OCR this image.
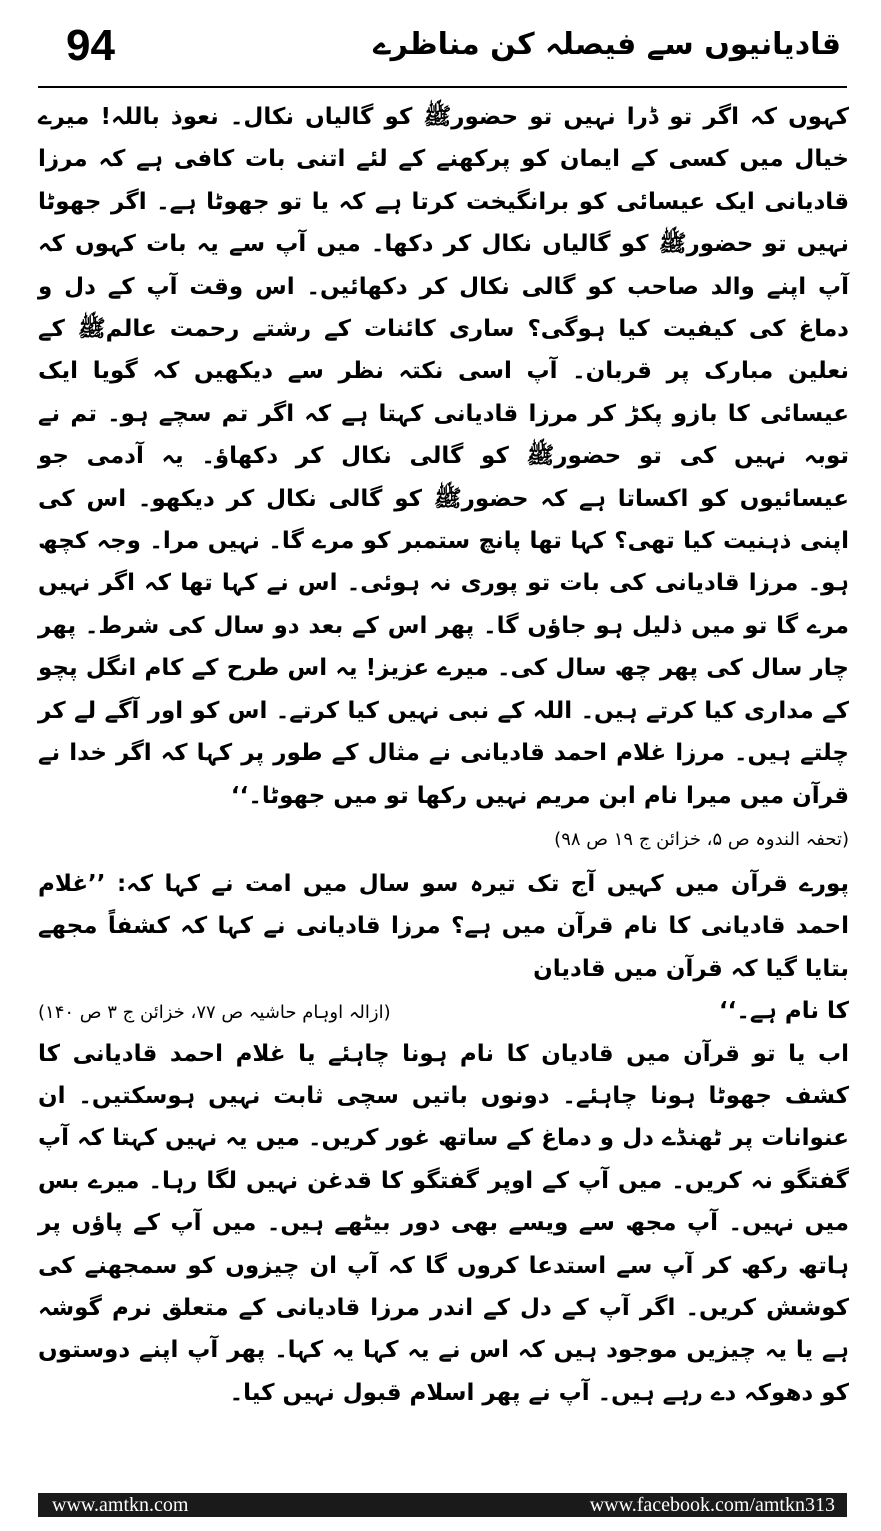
94	قادیانیوں سے فیصلہ کن مناظرے

کہوں کہ اگر تو ڈرا نہیں تو حضورﷺ کو گالیاں نکال۔ نعوذ باللہ! میرے خیال میں کسی کے ایمان کو پرکھنے کے لئے اتنی بات کافی ہے کہ مرزا قادیانی ایک عیسائی کو برانگیخت کرتا ہے کہ یا تو جھوٹا ہے۔ اگر جھوٹا نہیں تو حضورﷺ کو گالیاں نکال کر دکھا۔ میں آپ سے یہ بات کہوں کہ آپ اپنے والد صاحب کو گالی نکال کر دکھائیں۔ اس وقت آپ کے دل و دماغ کی کیفیت کیا ہوگی؟ ساری کائنات کے رشتے رحمت عالمﷺ کے نعلین مبارک پر قربان۔ آپ اسی نکتہ نظر سے دیکھیں کہ گویا ایک عیسائی کا بازو پکڑ کر مرزا قادیانی کہتا ہے کہ اگر تم سچے ہو۔ تم نے توبہ نہیں کی تو حضورﷺ کو گالی نکال کر دکھاؤ۔ یہ آدمی جو عیسائیوں کو اکساتا ہے کہ حضورﷺ کو گالی نکال کر دیکھو۔ اس کی اپنی ذہنیت کیا تھی؟ کہا تھا پانچ ستمبر کو مرے گا۔ نہیں مرا۔ وجہ کچھ ہو۔ مرزا قادیانی کی بات تو پوری نہ ہوئی۔ اس نے کہا تھا کہ اگر نہیں مرے گا تو میں ذلیل ہو جاؤں گا۔ پھر اس کے بعد دو سال کی شرط۔ پھر چار سال کی پھر چھ سال کی۔ میرے عزیز! یہ اس طرح کے کام انگل پچو کے مداری کیا کرتے ہیں۔ اللہ کے نبی نہیں کیا کرتے۔ اس کو اور آگے لے کر چلتے ہیں۔ مرزا غلام احمد قادیانی نے مثال کے طور پر کہا کہ اگر خدا نے قرآن میں میرا نام ابن مریم نہیں رکھا تو میں جھوٹا۔‘‘

(تحفہ الندوہ ص ۵، خزائن ج ۱۹ ص ۹۸)

پورے قرآن میں کہیں آج تک تیرہ سو سال میں امت نے کہا کہ: ’’غلام احمد قادیانی کا نام قرآن میں ہے؟ مرزا قادیانی نے کہا کہ کشفاً مجھے بتایا گیا کہ قرآن میں قادیان

کا نام ہے۔‘‘
(ازالہ اوہام حاشیہ ص ۷۷، خزائن ج ۳ ص ۱۴۰)

اب یا تو قرآن میں قادیان کا نام ہونا چاہئے یا غلام احمد قادیانی کا کشف جھوٹا ہونا چاہئے۔ دونوں باتیں سچی ثابت نہیں ہوسکتیں۔ ان عنوانات پر ٹھنڈے دل و دماغ کے ساتھ غور کریں۔ میں یہ نہیں کہتا کہ آپ گفتگو نہ کریں۔ میں آپ کے اوپر گفتگو کا قدغن نہیں لگا رہا۔ میرے بس میں نہیں۔ آپ مجھ سے ویسے بھی دور بیٹھے ہیں۔ میں آپ کے پاؤں پر ہاتھ رکھ کر آپ سے استدعا کروں گا کہ آپ ان چیزوں کو سمجھنے کی کوشش کریں۔ اگر آپ کے دل کے اندر مرزا قادیانی کے متعلق نرم گوشہ ہے یا یہ چیزیں موجود ہیں کہ اس نے یہ کہا یہ کہا۔ پھر آپ اپنے دوستوں کو دھوکہ دے رہے ہیں۔ آپ نے پھر اسلام قبول نہیں کیا۔

www.amtkn.com	www.facebook.com/amtkn313
